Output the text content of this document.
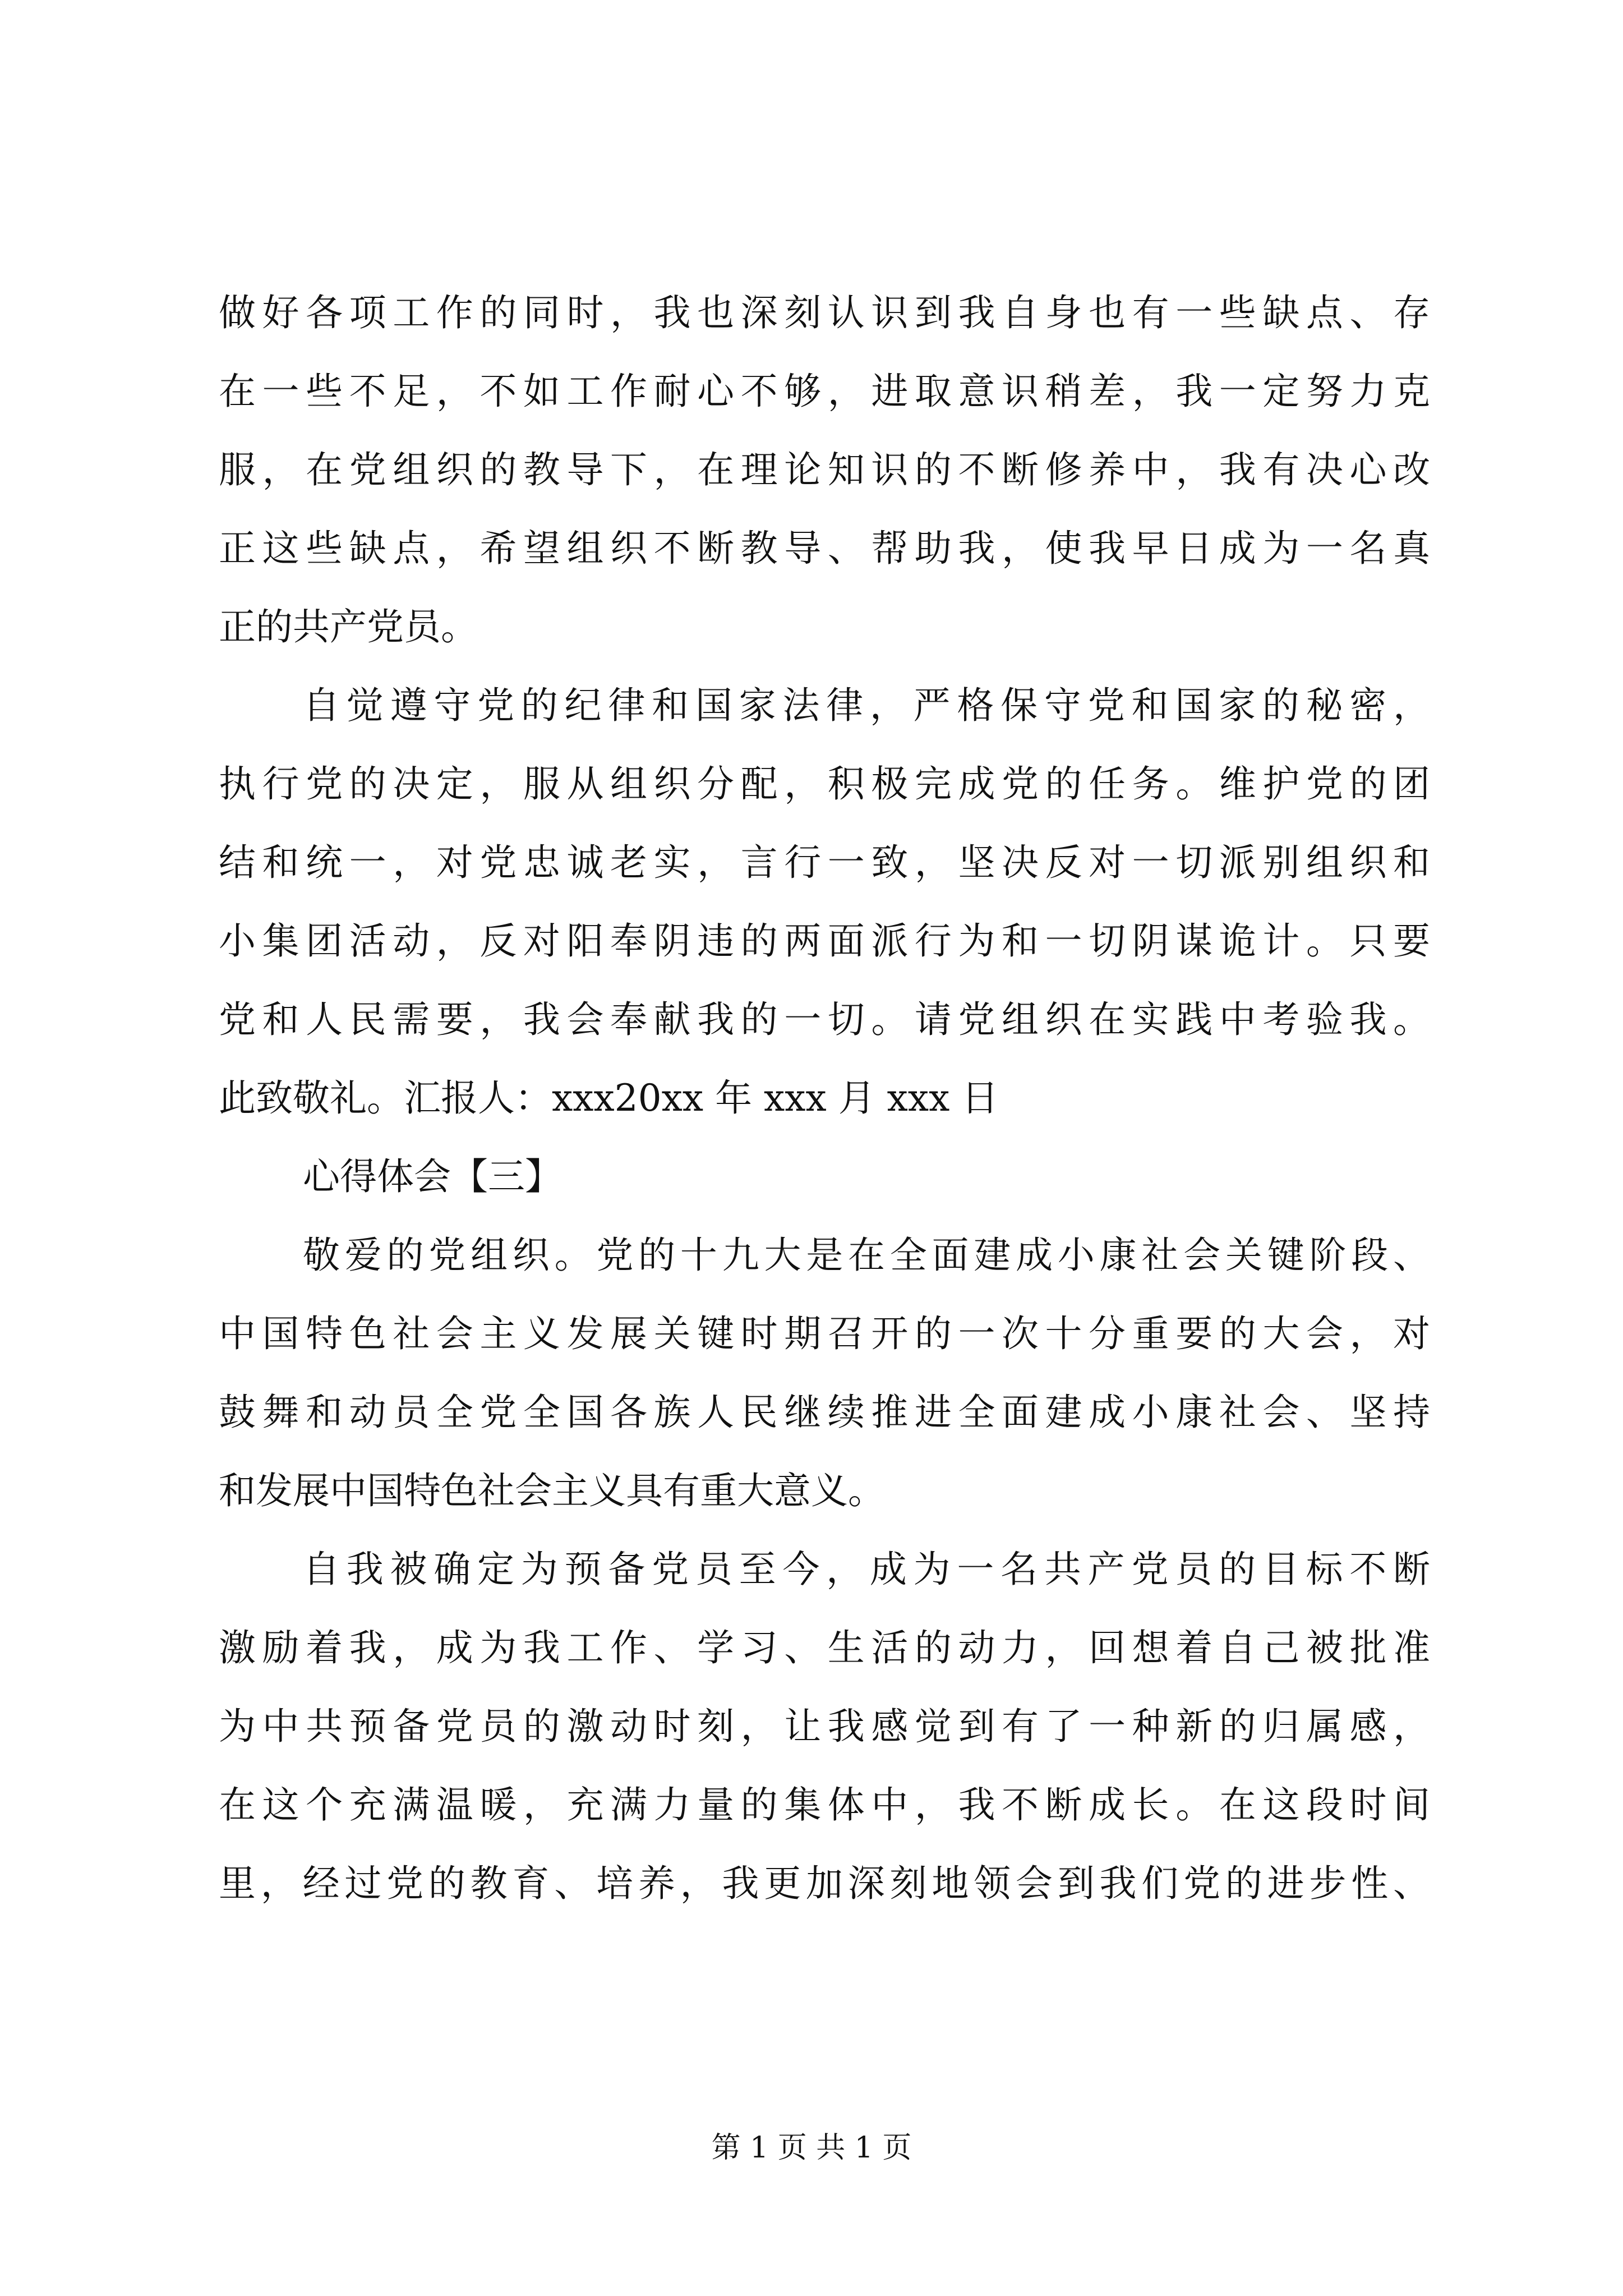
做好各项工作的同时，我也深刻认识到我自身也有一些缺点、存
在一些不足，不如工作耐心不够，进取意识稍差，我一定努力克
服，在党组织的教导下，在理论知识的不断修养中，我有决心改
正这些缺点，希望组织不断教导、帮助我，使我早日成为一名真
正的共产党员。
自觉遵守党的纪律和国家法律，严格保守党和国家的秘密，
执行党的决定，服从组织分配，积极完成党的任务。维护党的团
结和统一，对党忠诚老实，言行一致，坚决反对一切派别组织和
小集团活动，反对阳奉阴违的两面派行为和一切阴谋诡计。只要
党和人民需要，我会奉献我的一切。请党组织在实践中考验我。
此致敬礼。汇报人：xxx20xx 年 xxx 月 xxx 日
心得体会【三】
敬爱的党组织。党的十九大是在全面建成小康社会关键阶段、
中国特色社会主义发展关键时期召开的一次十分重要的大会，对
鼓舞和动员全党全国各族人民继续推进全面建成小康社会、坚持
和发展中国特色社会主义具有重大意义。
自我被确定为预备党员至今，成为一名共产党员的目标不断
激励着我，成为我工作、学习、生活的动力，回想着自己被批准
为中共预备党员的激动时刻，让我感觉到有了一种新的归属感，
在这个充满温暖，充满力量的集体中，我不断成长。在这段时间
里，经过党的教育、培养，我更加深刻地领会到我们党的进步性、
第 1 页 共 1 页
